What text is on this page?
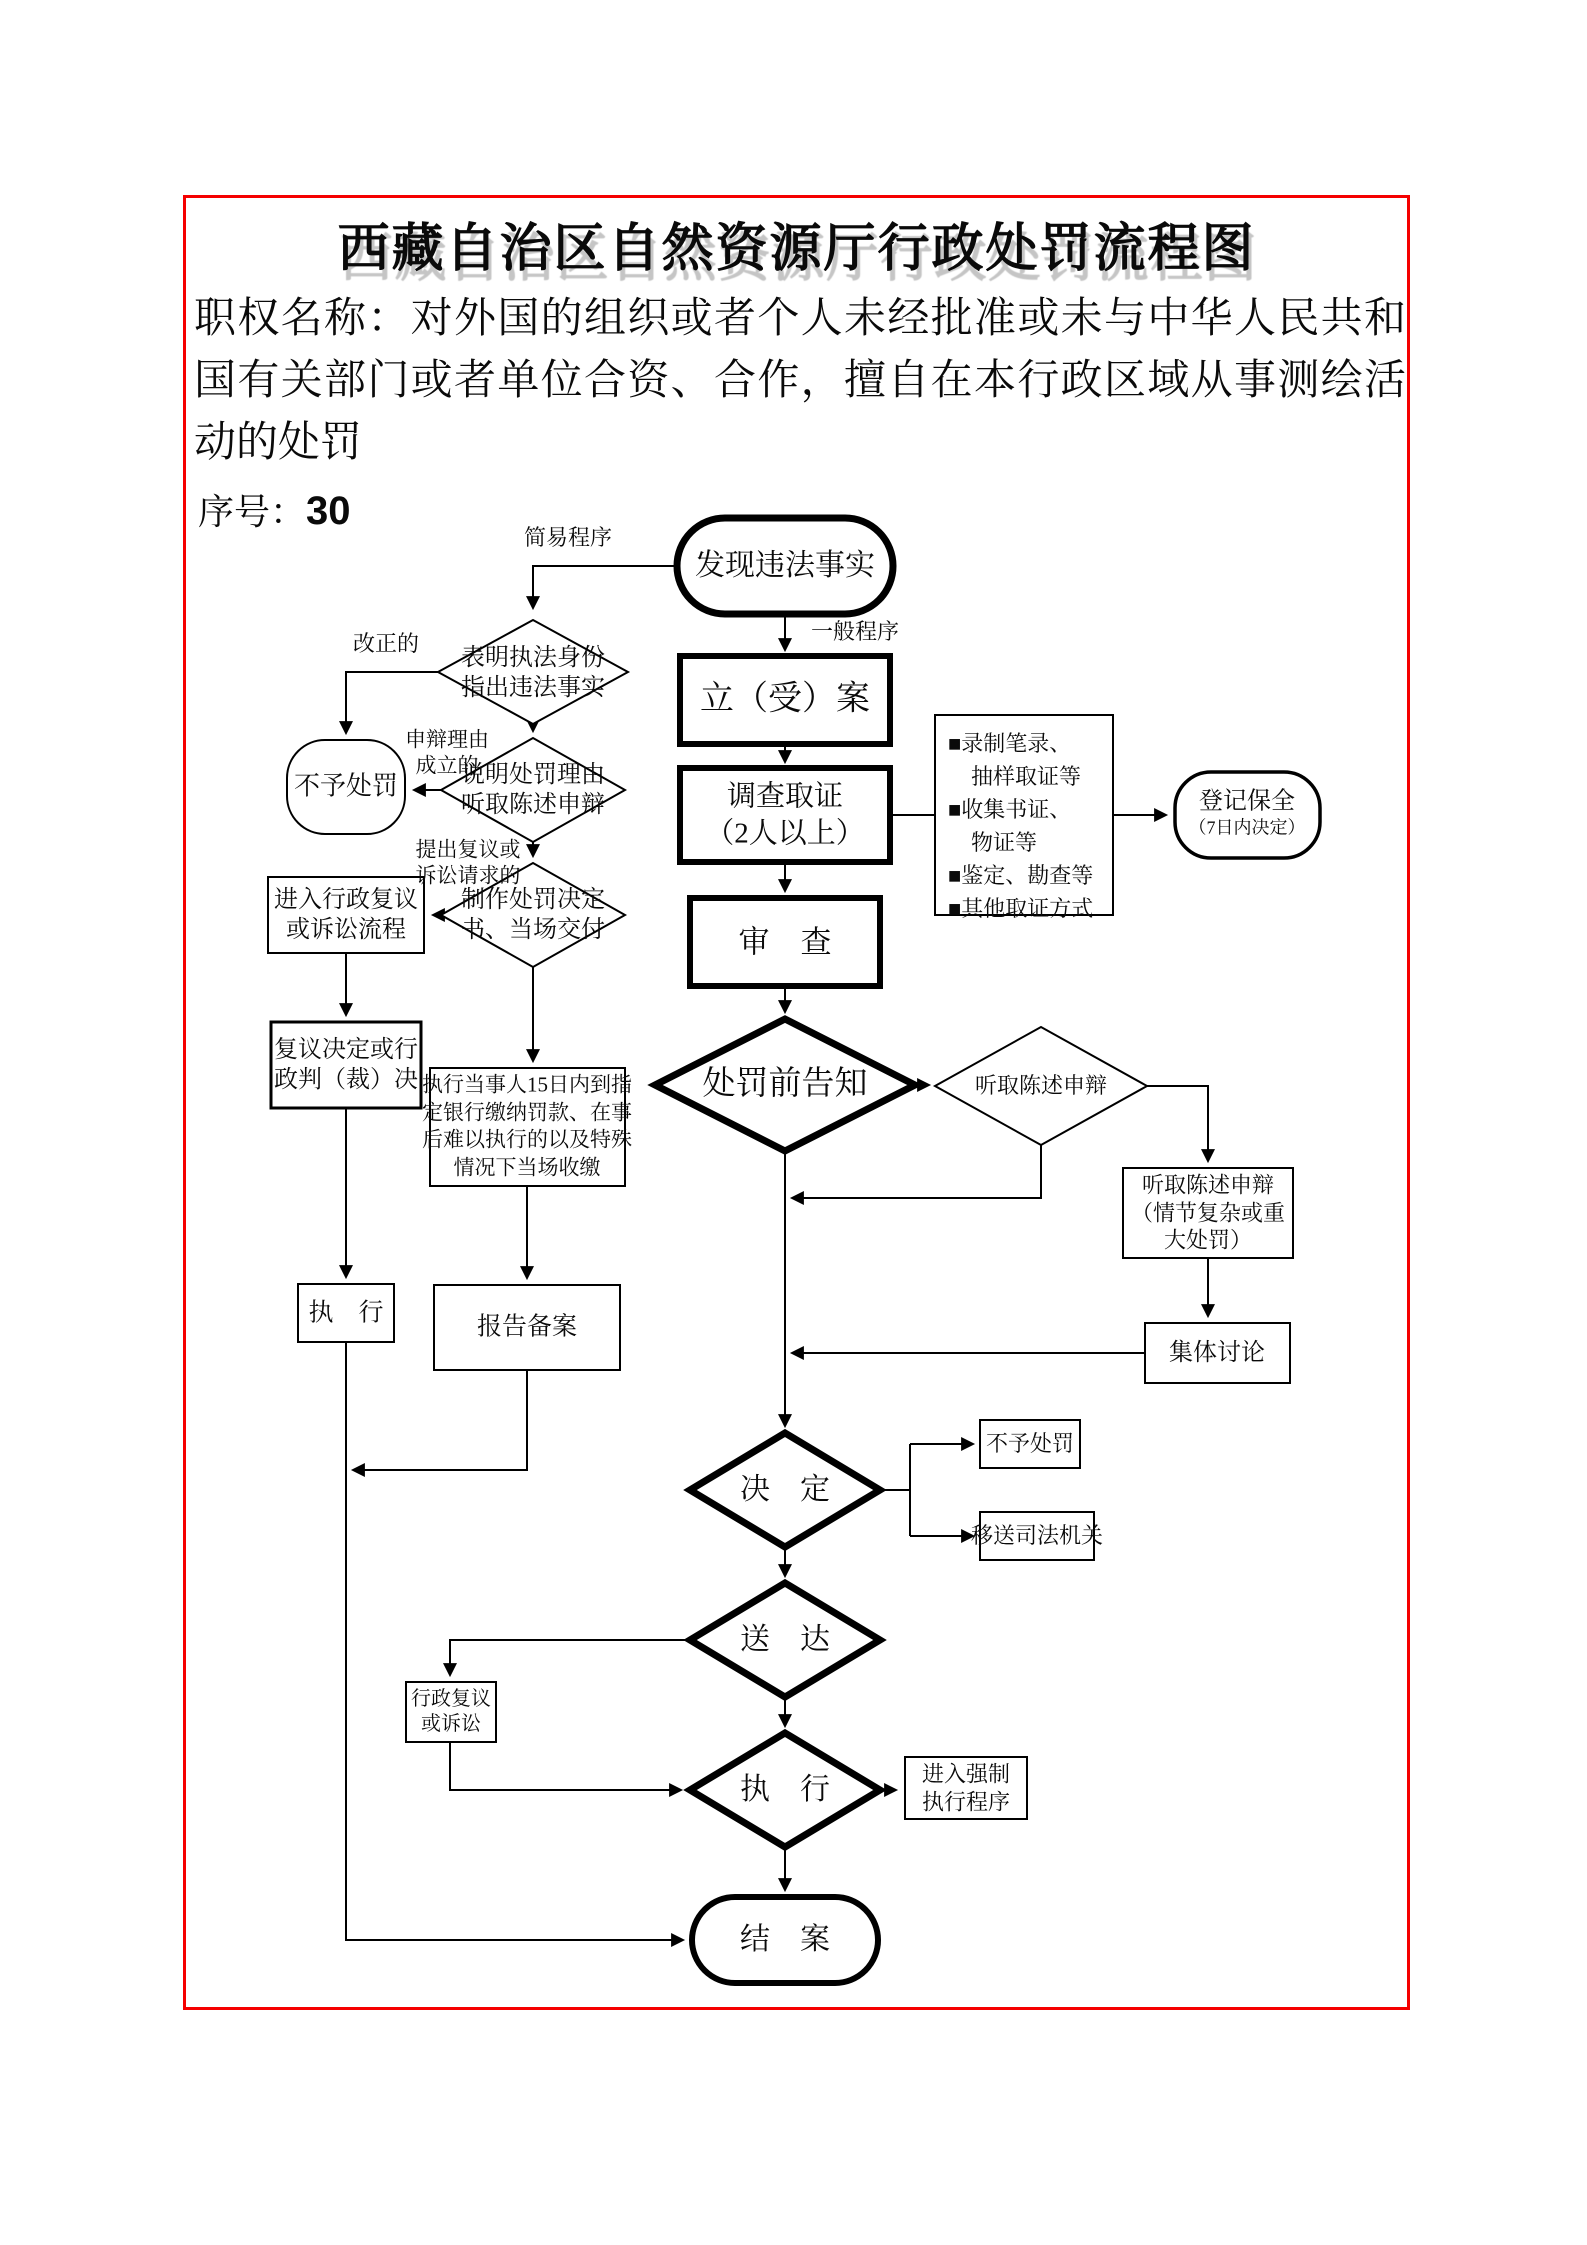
西藏自治区自然资源厅行政处罚流程图
职权名称：对外国的组织或者个人未经批准或未与中华人民共和国有关部门或者单位合资、合作，擅自在本行政区域从事测绘活动的处罚
序号：30
发现违法事实
立（受）案
调查取证
（2人以上）
审　查
处罚前告知
决　定
送　达
执　行
结　案
表明执法身份
指出违法事实
说明处罚理由
听取陈述申辩
制作处罚决定
书、当场交付
执行当事人15日内到指
定银行缴纳罚款、在事
后难以执行的以及特殊
情况下当场收缴
报告备案
不予处罚
进入行政复议
或诉讼流程
复议决定或行
政判（裁）决
执　行
■录制笔录、
抽样取证等
■收集书证、
物证等
■鉴定、勘查等
■其他取证方式
登记保全
（7日内决定）
听取陈述申辩
听取陈述申辩
（情节复杂或重
大处罚）
集体讨论
不予处罚
移送司法机关
行政复议
或诉讼
进入强制
执行程序
简易程序
一般程序
改正的
申辩理由
成立的
提出复议或
诉讼请求的
